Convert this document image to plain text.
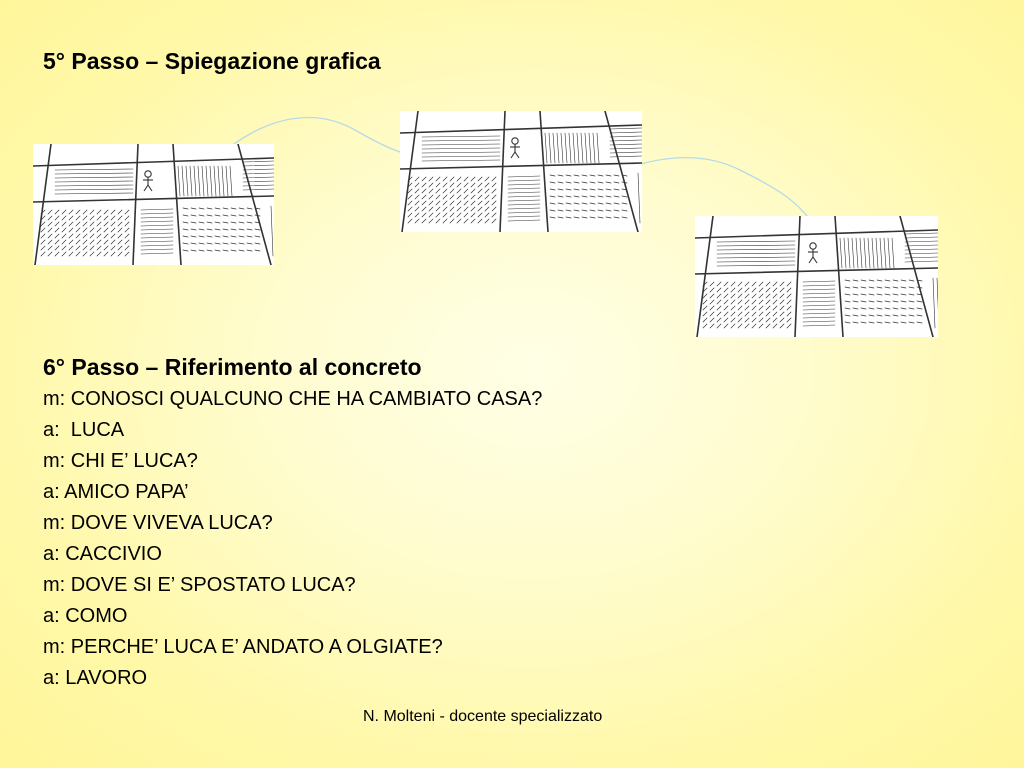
5° Passo – Spiegazione grafica
6° Passo – Riferimento al concreto
m: CONOSCI QUALCUNO CHE HA CAMBIATO CASA?
a:  LUCA
m: CHI E’ LUCA?
a: AMICO PAPA’
m: DOVE VIVEVA LUCA?
a: CACCIVIO
m: DOVE SI E’ SPOSTATO LUCA?
a: COMO
m: PERCHE’ LUCA E’ ANDATO A OLGIATE?
a: LAVORO
N. Molteni - docente specializzato
